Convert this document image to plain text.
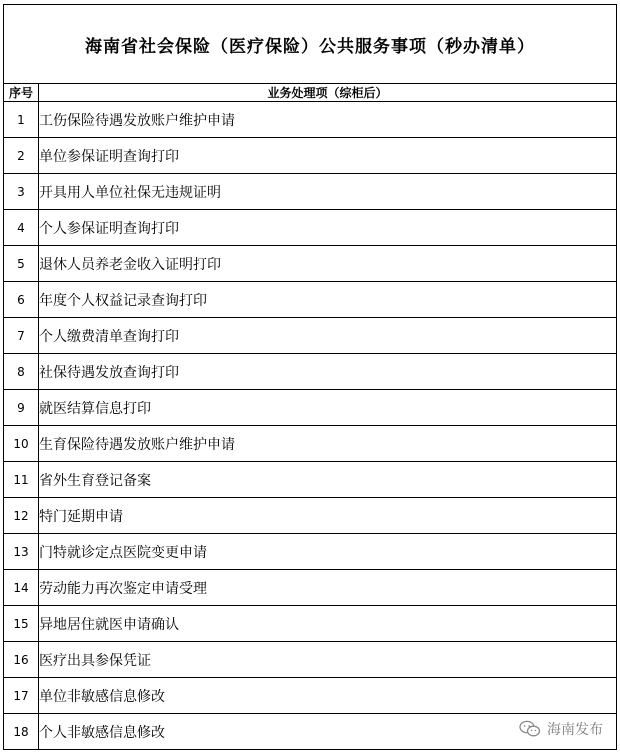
海南省社会保险（医疗保险）公共服务事项（秒办清单）	
序号	业务处理项（综柜后）
1	工伤保险待遇发放账户维护申请
2	单位参保证明查询打印
3	开具用人单位社保无违规证明
4	个人参保证明查询打印
5	退休人员养老金收入证明打印
6	年度个人权益记录查询打印
7	个人缴费清单查询打印
8	社保待遇发放查询打印
9	就医结算信息打印
10	生育保险待遇发放账户维护申请
11	省外生育登记备案
12	特门延期申请
13	门特就诊定点医院变更申请
14	劳动能力再次鉴定申请受理
15	异地居住就医申请确认
16	医疗出具参保凭证
17	单位非敏感信息修改
18	个人非敏感信息修改	海南发布
